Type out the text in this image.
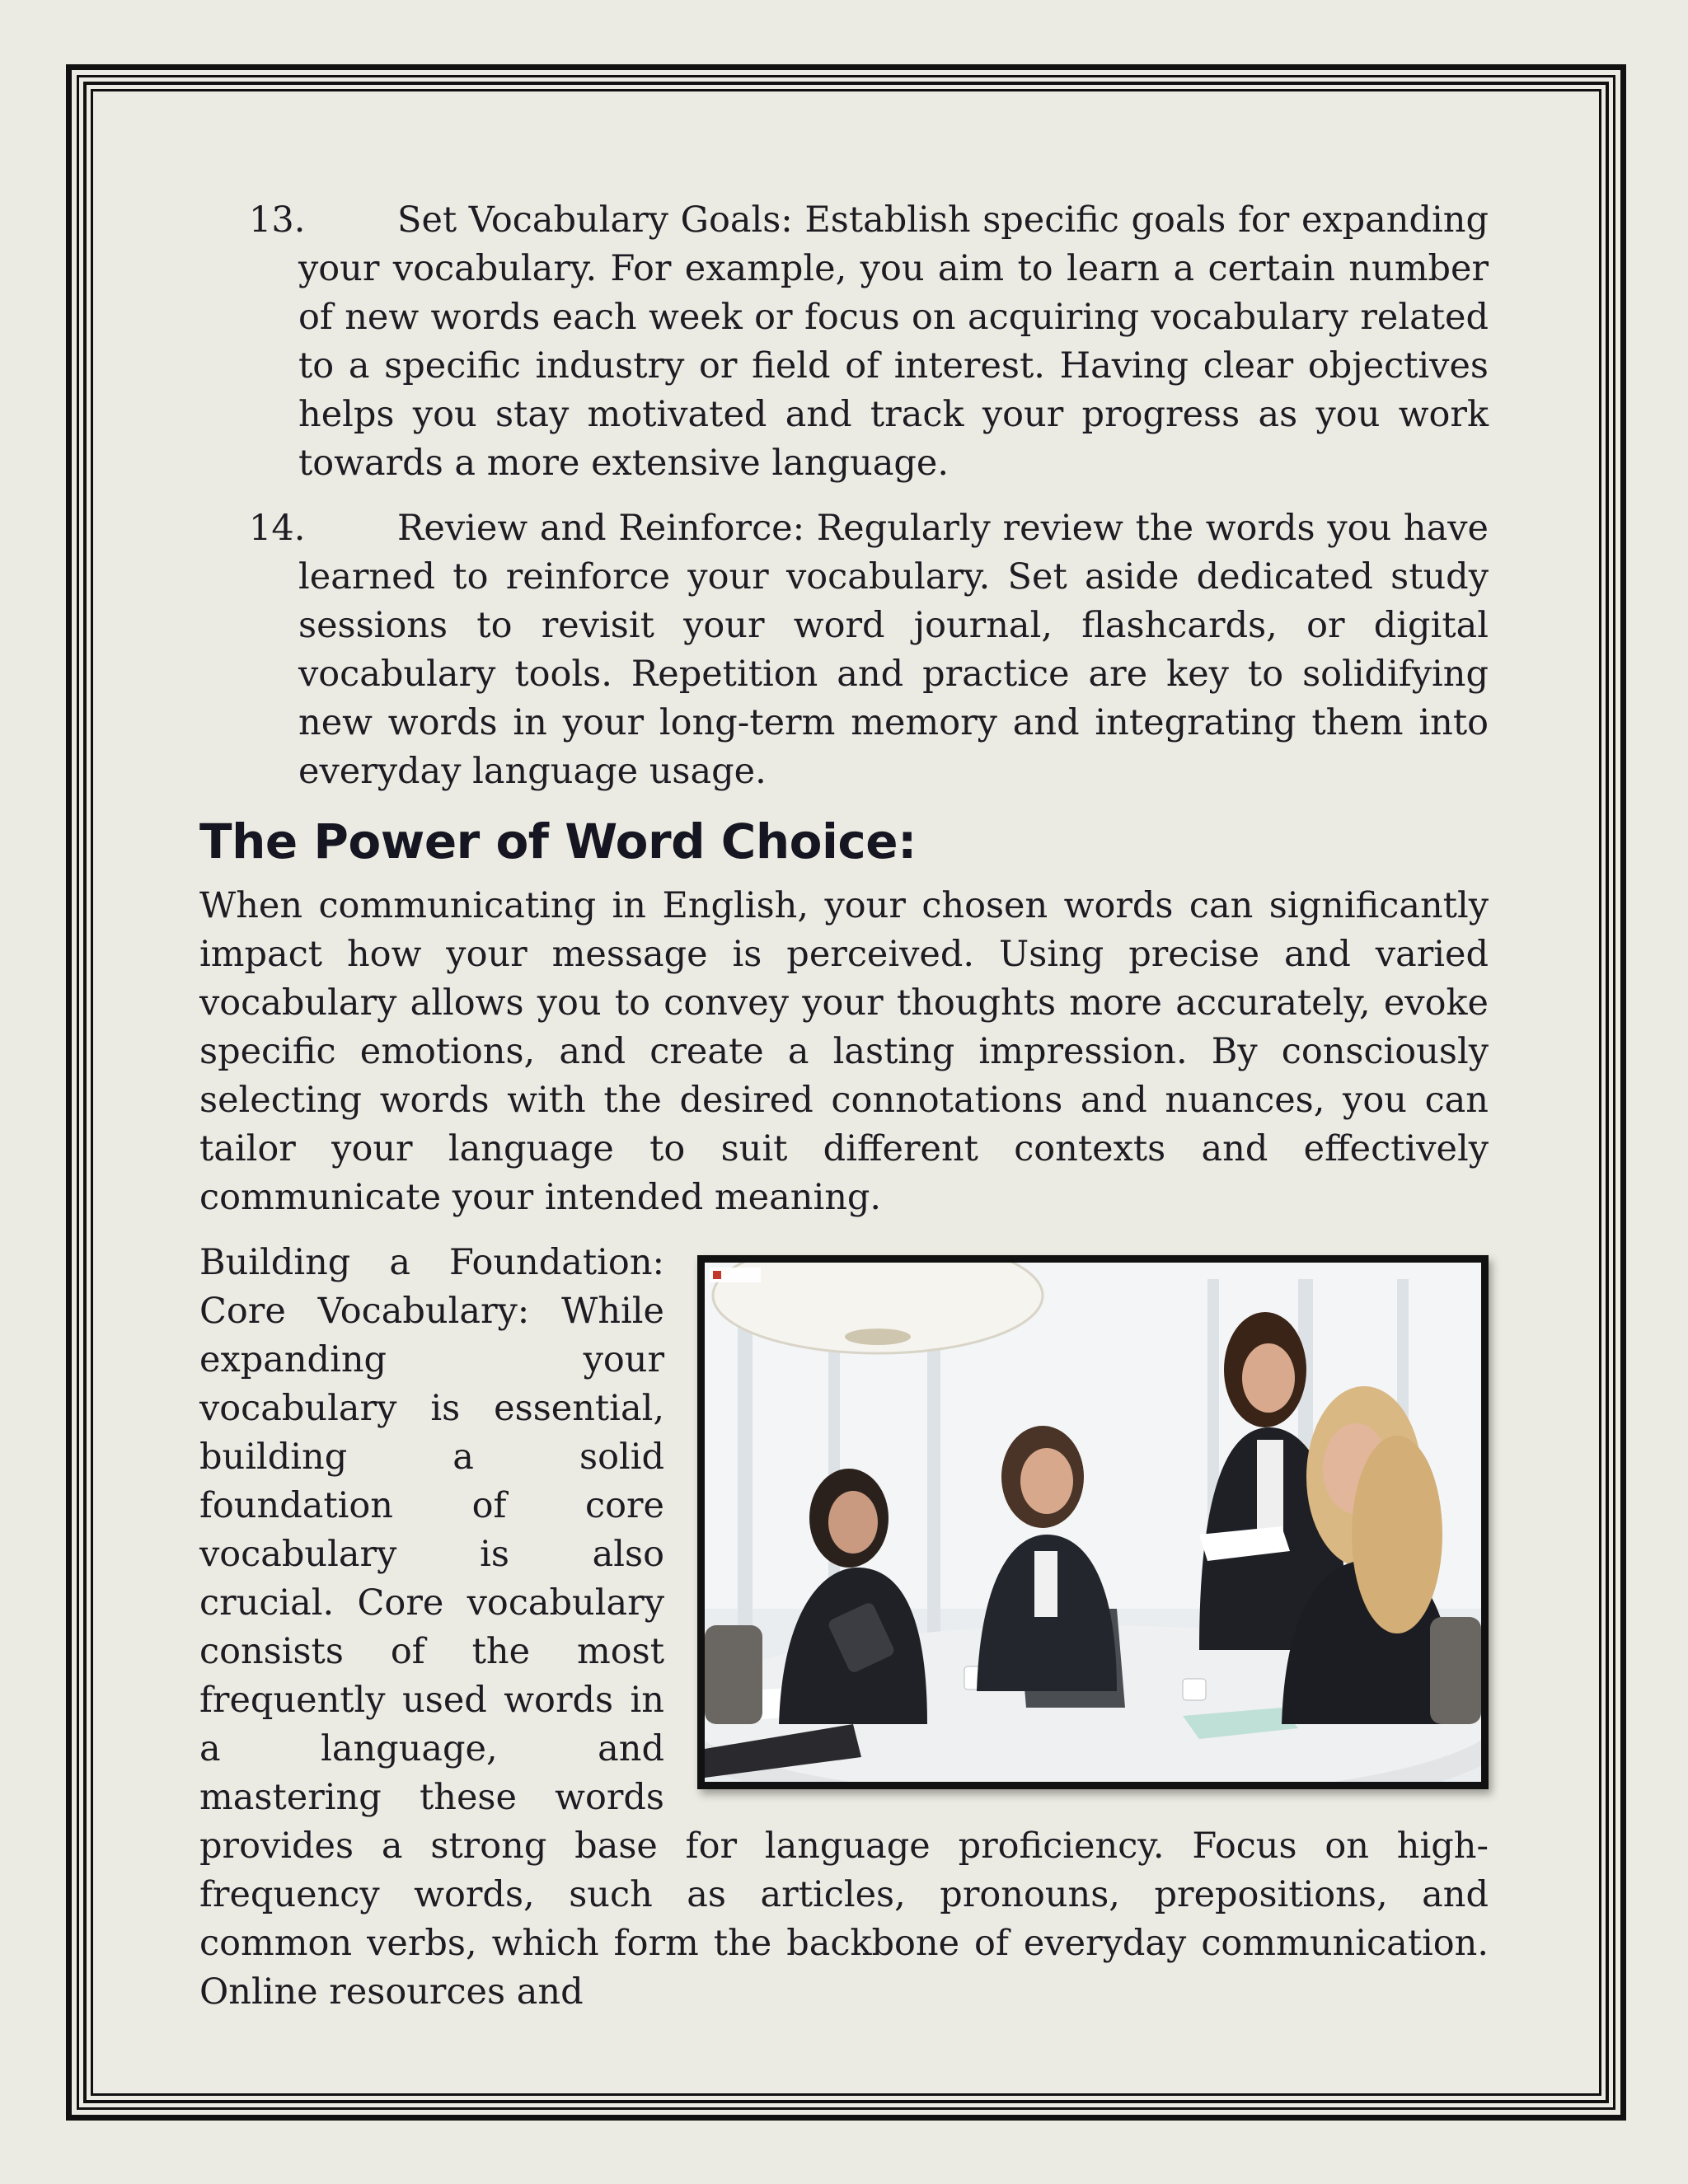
13.	Set Vocabulary Goals: Establish specific goals for expanding your vocabulary. For example, you aim to learn a certain number of new words each week or focus on acquiring vocabulary related to a specific industry or field of interest. Having clear objectives helps you stay motivated and track your progress as you work towards a more extensive language.

14.	Review and Reinforce: Regularly review the words you have learned to reinforce your vocabulary. Set aside dedicated study sessions to revisit your word journal, flashcards, or digital vocabulary tools. Repetition and practice are key to solidifying new words in your long-term memory and integrating them into everyday language usage.

The Power of Word Choice:

When communicating in English, your chosen words can significantly impact how your message is perceived. Using precise and varied vocabulary allows you to convey your thoughts more accurately, evoke specific emotions, and create a lasting impression. By consciously selecting words with the desired connotations and nuances, you can tailor your language to suit different contexts and effectively communicate your intended meaning.

Building a Foundation: Core Vocabulary: While expanding your vocabulary is essential, building a solid foundation of core vocabulary is also crucial. Core vocabulary consists of the most frequently used words in a language, and mastering these words provides a strong base for language proficiency. Focus on high-frequency words, such as articles, pronouns, prepositions, and common verbs, which form the backbone of everyday communication. Online resources and
